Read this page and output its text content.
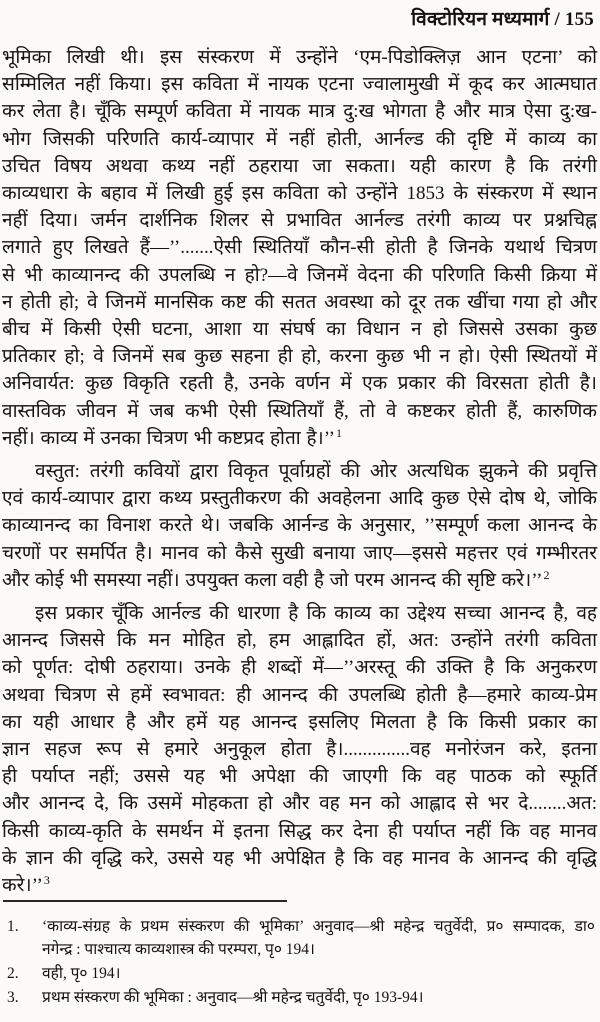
विक्टोरियन मध्यमार्ग / 155
भूमिका लिखी थी। इस संस्करण में उन्होंने ‘एम-पिडोक्लिज़ आन एटना’ को
सम्मिलित नहीं किया। इस कविता में नायक एटना ज्वालामुखी में कूद कर आत्मघात
कर लेता है। चूँकि सम्पूर्ण कविता में नायक मात्र दु:ख भोगता है और मात्र ऐसा दु:ख-
भोग जिसकी परिणति कार्य-व्यापार में नहीं होती, आर्नल्ड की दृष्टि में काव्य का
उचित विषय अथवा कथ्य नहीं ठहराया जा सकता। यही कारण है कि तरंगी
काव्यधारा के बहाव में लिखी हुई इस कविता को उन्होंने 1853 के संस्करण में स्थान
नहीं दिया। जर्मन दार्शनिक शिलर से प्रभावित आर्नल्ड तरंगी काव्य पर प्रश्नचिह्न
लगाते हुए लिखते हैं—’’.......ऐसी स्थितियाँ कौन-सी होती है जिनके यथार्थ चित्रण
से भी काव्यानन्द की उपलब्धि न हो?—वे जिनमें वेदना की परिणति किसी क्रिया में
न होती हो; वे जिनमें मानसिक कष्ट की सतत अवस्था को दूर तक खींचा गया हो और
बीच में किसी ऐसी घटना, आशा या संघर्ष का विधान न हो जिससे उसका कुछ
प्रतिकार हो; वे जिनमें सब कुछ सहना ही हो, करना कुछ भी न हो। ऐसी स्थितयों में
अनिवार्यत: कुछ विकृति रहती है, उनके वर्णन में एक प्रकार की विरसता होती है।
वास्तविक जीवन में जब कभी ऐसी स्थितियाँ हैं, तो वे कष्टकर होती हैं, कारुणिक
नहीं। काव्य में उनका चित्रण भी कष्टप्रद होता है।’’$^1$
वस्तुत: तरंगी कवियों द्वारा विकृत पूर्वाग्रहों की ओर अत्यधिक झुकने की प्रवृत्ति
एवं कार्य-व्यापार द्वारा कथ्य प्रस्तुतीकरण की अवहेलना आदि कुछ ऐसे दोष थे, जोकि
काव्यानन्द का विनाश करते थे। जबकि आर्नन्ड के अनुसार, ’’सम्पूर्ण कला आनन्द के
चरणों पर समर्पित है। मानव को कैसे सुखी बनाया जाए—इससे महत्तर एवं गम्भीरतर
और कोई भी समस्या नहीं। उपयुक्त कला वही है जो परम आनन्द की सृष्टि करे।’’$^2$
इस प्रकार चूँकि आर्नल्ड की धारणा है कि काव्य का उद्देश्य सच्चा आनन्द है, वह
आनन्द जिससे कि मन मोहित हो, हम आह्लादित हों, अत: उन्होंने तरंगी कविता
को पूर्णत: दोषी ठहराया। उनके ही शब्दों में—’’अरस्तू की उक्ति है कि अनुकरण
अथवा चित्रण से हमें स्वभावत: ही आनन्द की उपलब्धि होती है—हमारे काव्य-प्रेम
का यही आधार है और हमें यह आनन्द इसलिए मिलता है कि किसी प्रकार का
ज्ञान सहज रूप से हमारे अनुकूल होता है।..............वह मनोरंजन करे, इतना
ही पर्याप्त नहीं; उससे यह भी अपेक्षा की जाएगी कि वह पाठक को स्फूर्ति
और आनन्द दे, कि उसमें मोहकता हो और वह मन को आह्लाद से भर दे........अत:
किसी काव्य-कृति के समर्थन में इतना सिद्ध कर देना ही पर्याप्त नहीं कि वह मानव
के ज्ञान की वृद्धि करे, उससे यह भी अपेक्षित है कि वह मानव के आनन्द की वृद्धि
करे।’’$^3$
1.	‘काव्य-संग्रह के प्रथम संस्करण की भूमिका’ अनुवाद—श्री महेन्द्र चतुर्वेदी, प्र० सम्पादक, डा०
नगेन्द्र : पाश्चात्य काव्यशास्त्र की परम्परा, पृ० 194।
2.	वही, पृ० 194।
3.	प्रथम संस्करण की भूमिका : अनुवाद—श्री महेन्द्र चतुर्वेदी, पृ० 193-94।
